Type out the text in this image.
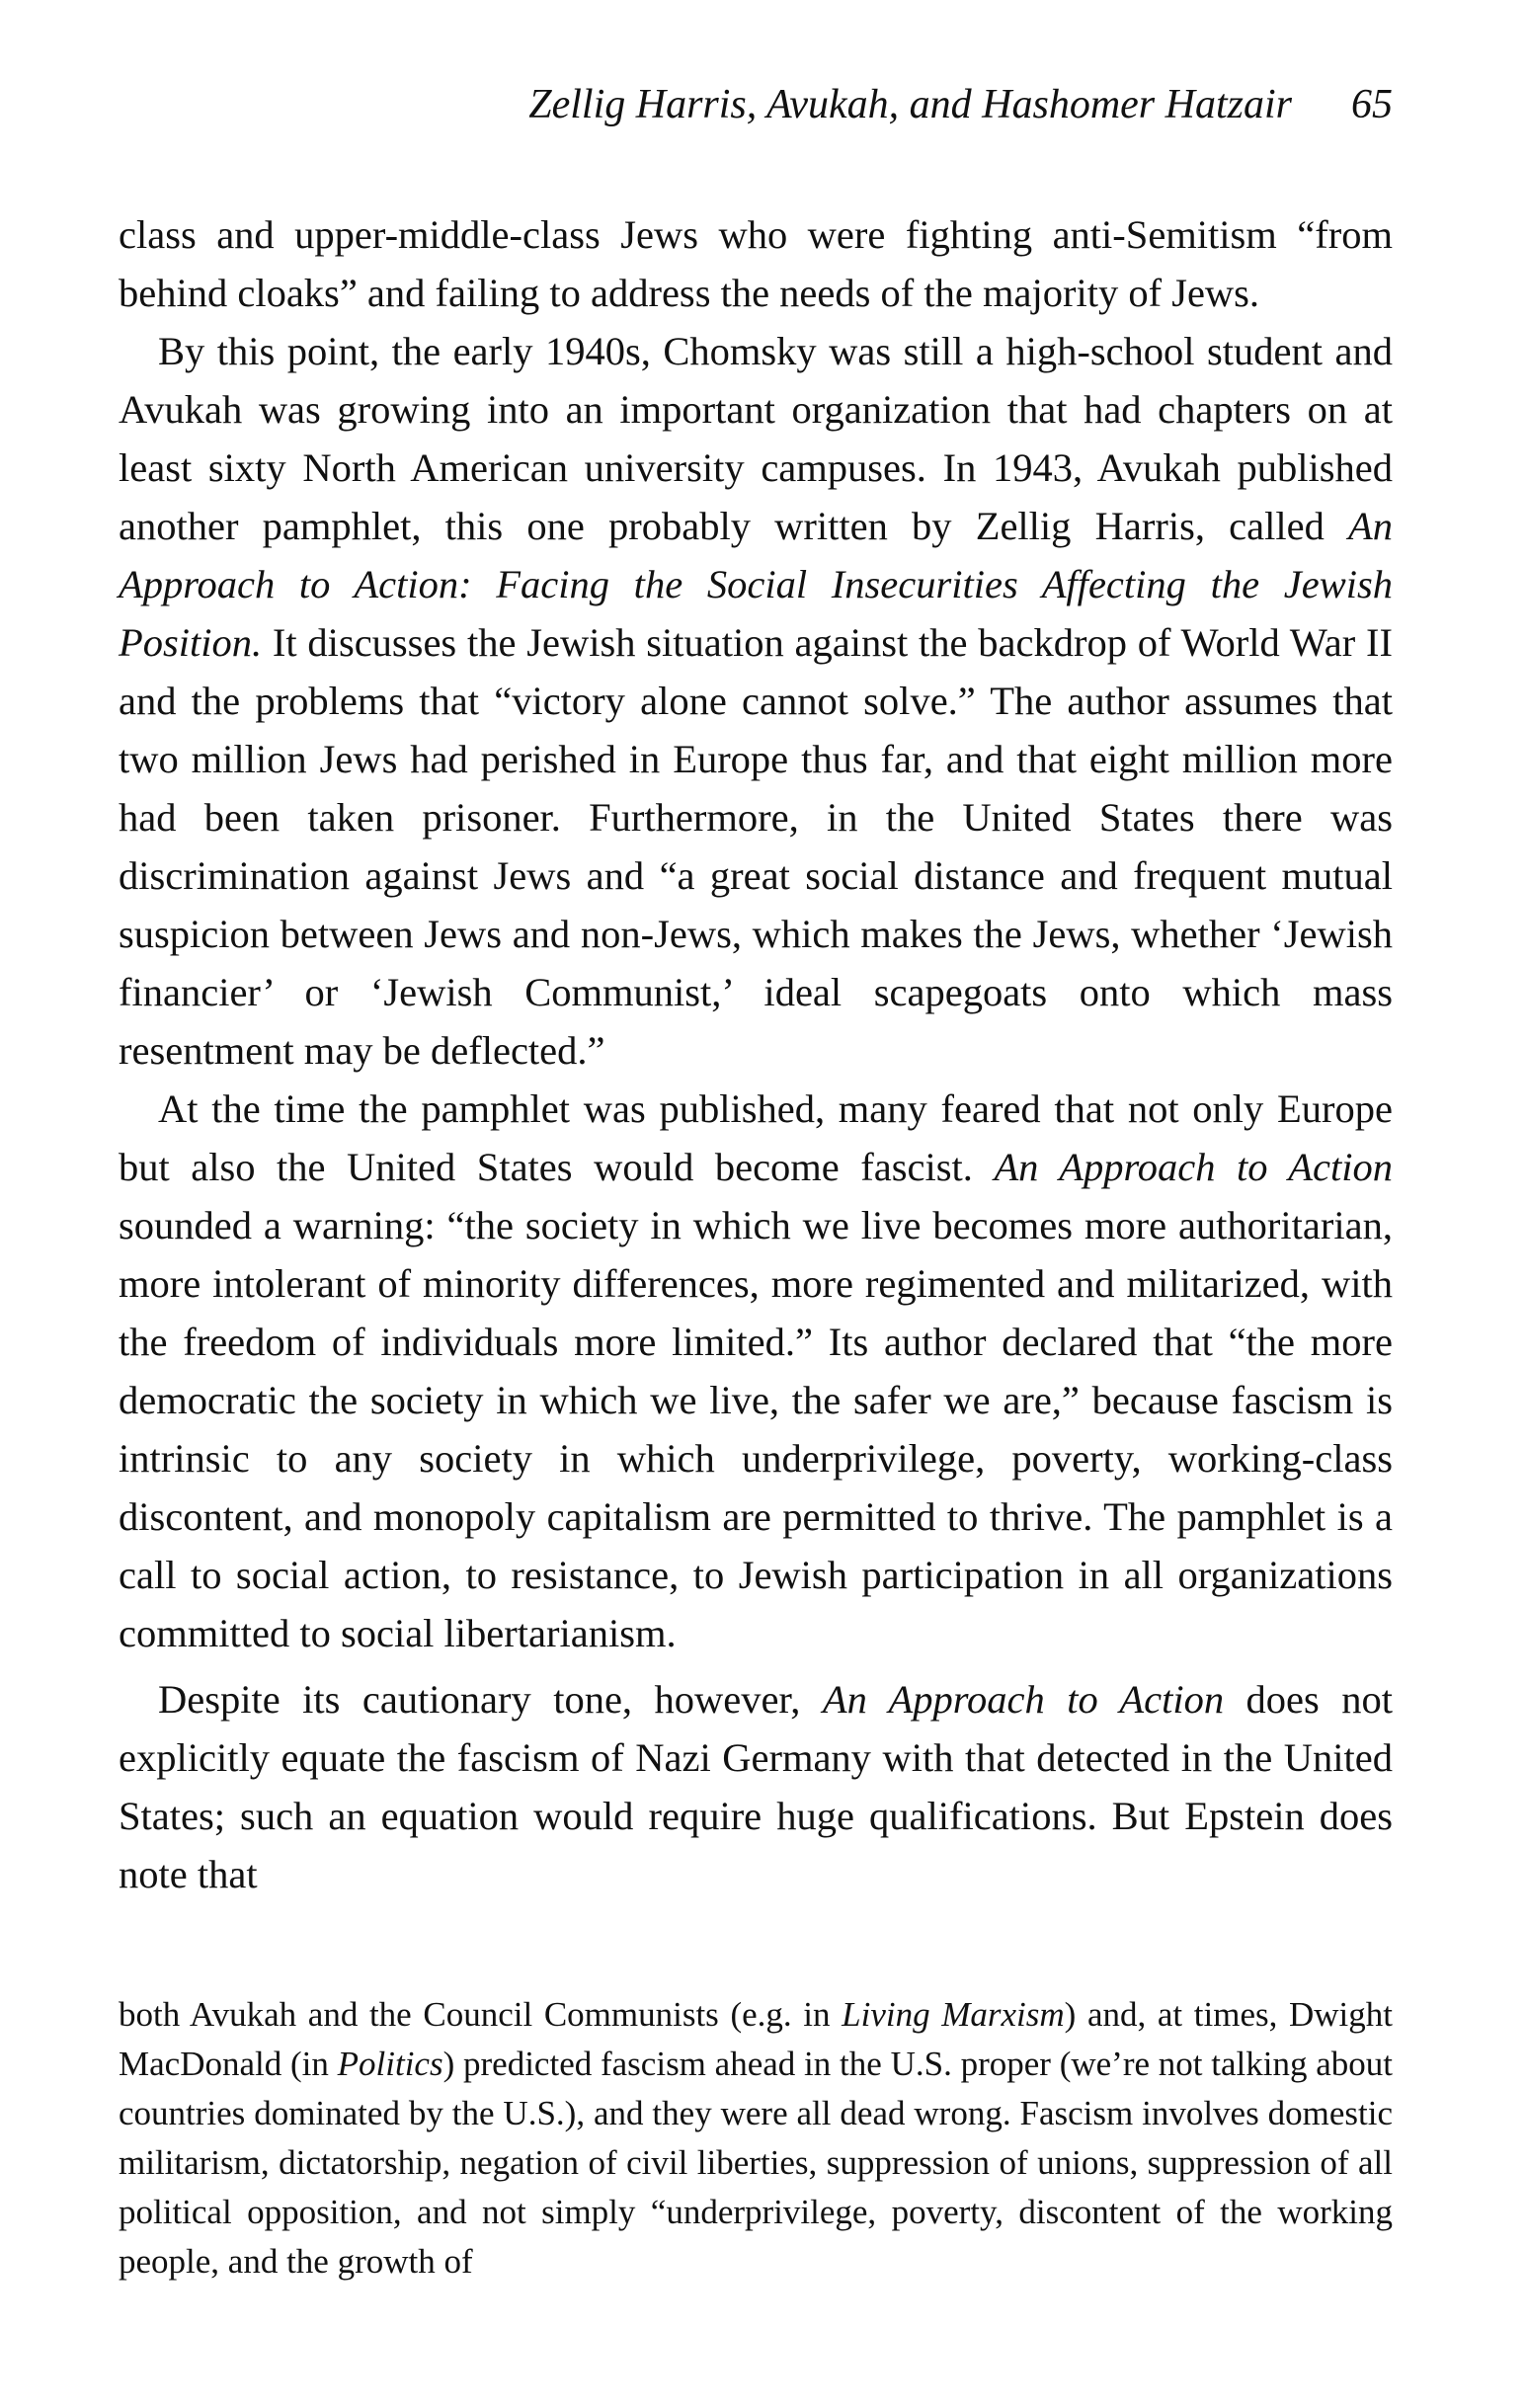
Zellig Harris, Avukah, and Hashomer Hatzair 65

class and upper-middle-class Jews who were fighting anti-Semitism “from behind cloaks” and failing to address the needs of the majority of Jews.

By this point, the early 1940s, Chomsky was still a high-school student and Avukah was growing into an important organization that had chapters on at least sixty North American university campuses. In 1943, Avukah published another pamphlet, this one probably written by Zellig Harris, called An Approach to Action: Facing the Social Insecurities Affecting the Jewish Position. It discusses the Jewish situation against the backdrop of World War II and the problems that “victory alone cannot solve.” The author assumes that two million Jews had perished in Europe thus far, and that eight million more had been taken prisoner. Furthermore, in the United States there was discrimination against Jews and “a great social distance and frequent mutual suspicion between Jews and non-Jews, which makes the Jews, whether ‘Jewish financier’ or ‘Jewish Communist,’ ideal scapegoats onto which mass resentment may be deflected.”

At the time the pamphlet was published, many feared that not only Europe but also the United States would become fascist. An Approach to Action sounded a warning: “the society in which we live becomes more authoritarian, more intolerant of minority differences, more regimented and militarized, with the freedom of individuals more limited.” Its author declared that “the more democratic the society in which we live, the safer we are,” because fascism is intrinsic to any society in which underprivilege, poverty, working-class discontent, and monopoly capitalism are permitted to thrive. The pamphlet is a call to social action, to resistance, to Jewish participation in all organizations committed to social libertarianism.

Despite its cautionary tone, however, An Approach to Action does not explicitly equate the fascism of Nazi Germany with that detected in the United States; such an equation would require huge qualifications. But Epstein does note that

both Avukah and the Council Communists (e.g. in Living Marxism) and, at times, Dwight MacDonald (in Politics) predicted fascism ahead in the U.S. proper (we’re not talking about countries dominated by the U.S.), and they were all dead wrong. Fascism involves domestic militarism, dictatorship, negation of civil liberties, suppression of unions, suppression of all political opposition, and not simply “underprivilege, poverty, discontent of the working people, and the growth of
